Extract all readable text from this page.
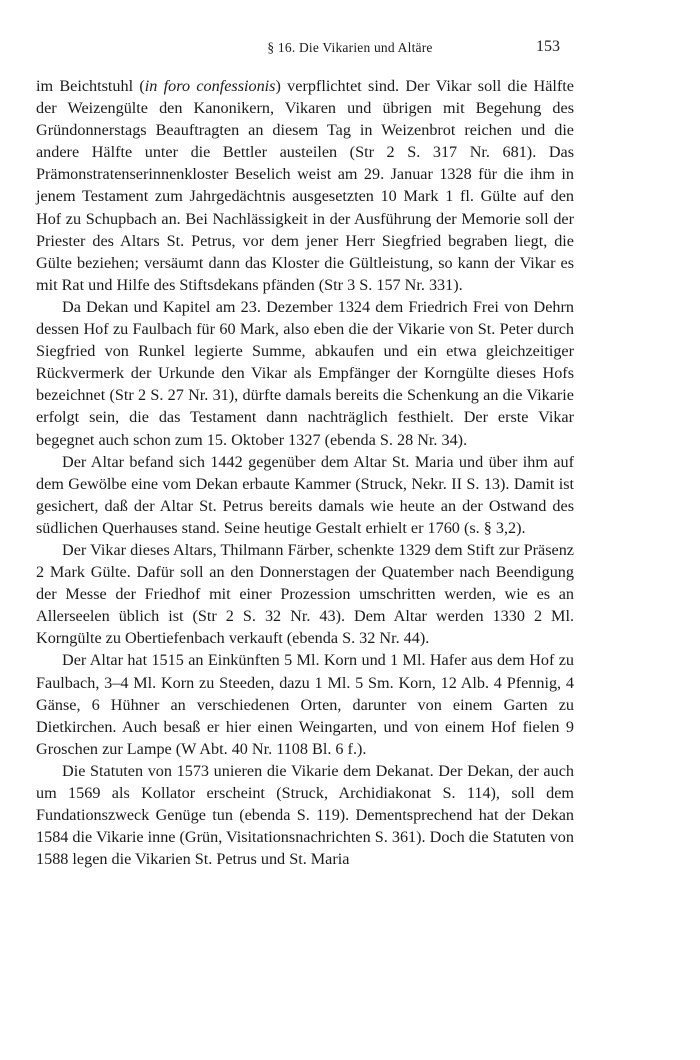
§ 16. Die Vikarien und Altäre	153

im Beichtstuhl (in foro confessionis) verpflichtet sind. Der Vikar soll die Hälfte der Weizengülte den Kanonikern, Vikaren und übrigen mit Begehung des Gründonnerstags Beauftragten an diesem Tag in Weizenbrot reichen und die andere Hälfte unter die Bettler austeilen (Str 2 S. 317 Nr. 681). Das Prämonstratenserinnenkloster Beselich weist am 29. Januar 1328 für die ihm in jenem Testament zum Jahrgedächtnis ausgesetzten 10 Mark 1 fl. Gülte auf den Hof zu Schupbach an. Bei Nachlässigkeit in der Ausführung der Memorie soll der Priester des Altars St. Petrus, vor dem jener Herr Siegfried begraben liegt, die Gülte beziehen; versäumt dann das Kloster die Gültleistung, so kann der Vikar es mit Rat und Hilfe des Stiftsdekans pfänden (Str 3 S. 157 Nr. 331).

Da Dekan und Kapitel am 23. Dezember 1324 dem Friedrich Frei von Dehrn dessen Hof zu Faulbach für 60 Mark, also eben die der Vikarie von St. Peter durch Siegfried von Runkel legierte Summe, abkaufen und ein etwa gleichzeitiger Rückvermerk der Urkunde den Vikar als Empfänger der Korngülte dieses Hofs bezeichnet (Str 2 S. 27 Nr. 31), dürfte damals bereits die Schenkung an die Vikarie erfolgt sein, die das Testament dann nachträglich festhielt. Der erste Vikar begegnet auch schon zum 15. Oktober 1327 (ebenda S. 28 Nr. 34).

Der Altar befand sich 1442 gegenüber dem Altar St. Maria und über ihm auf dem Gewölbe eine vom Dekan erbaute Kammer (Struck, Nekr. II S. 13). Damit ist gesichert, daß der Altar St. Petrus bereits damals wie heute an der Ostwand des südlichen Querhauses stand. Seine heutige Gestalt erhielt er 1760 (s. § 3,2).

Der Vikar dieses Altars, Thilmann Färber, schenkte 1329 dem Stift zur Präsenz 2 Mark Gülte. Dafür soll an den Donnerstagen der Quatember nach Beendigung der Messe der Friedhof mit einer Prozession umschritten werden, wie es an Allerseelen üblich ist (Str 2 S. 32 Nr. 43). Dem Altar werden 1330 2 Ml. Korngülte zu Obertiefenbach verkauft (ebenda S. 32 Nr. 44).

Der Altar hat 1515 an Einkünften 5 Ml. Korn und 1 Ml. Hafer aus dem Hof zu Faulbach, 3–4 Ml. Korn zu Steeden, dazu 1 Ml. 5 Sm. Korn, 12 Alb. 4 Pfennig, 4 Gänse, 6 Hühner an verschiedenen Orten, darunter von einem Garten zu Dietkirchen. Auch besaß er hier einen Weingarten, und von einem Hof fielen 9 Groschen zur Lampe (W Abt. 40 Nr. 1108 Bl. 6 f.).

Die Statuten von 1573 unieren die Vikarie dem Dekanat. Der Dekan, der auch um 1569 als Kollator erscheint (Struck, Archidiakonat S. 114), soll dem Fundationszweck Genüge tun (ebenda S. 119). Dementsprechend hat der Dekan 1584 die Vikarie inne (Grün, Visitationsnachrichten S. 361). Doch die Statuten von 1588 legen die Vikarien St. Petrus und St. Maria
